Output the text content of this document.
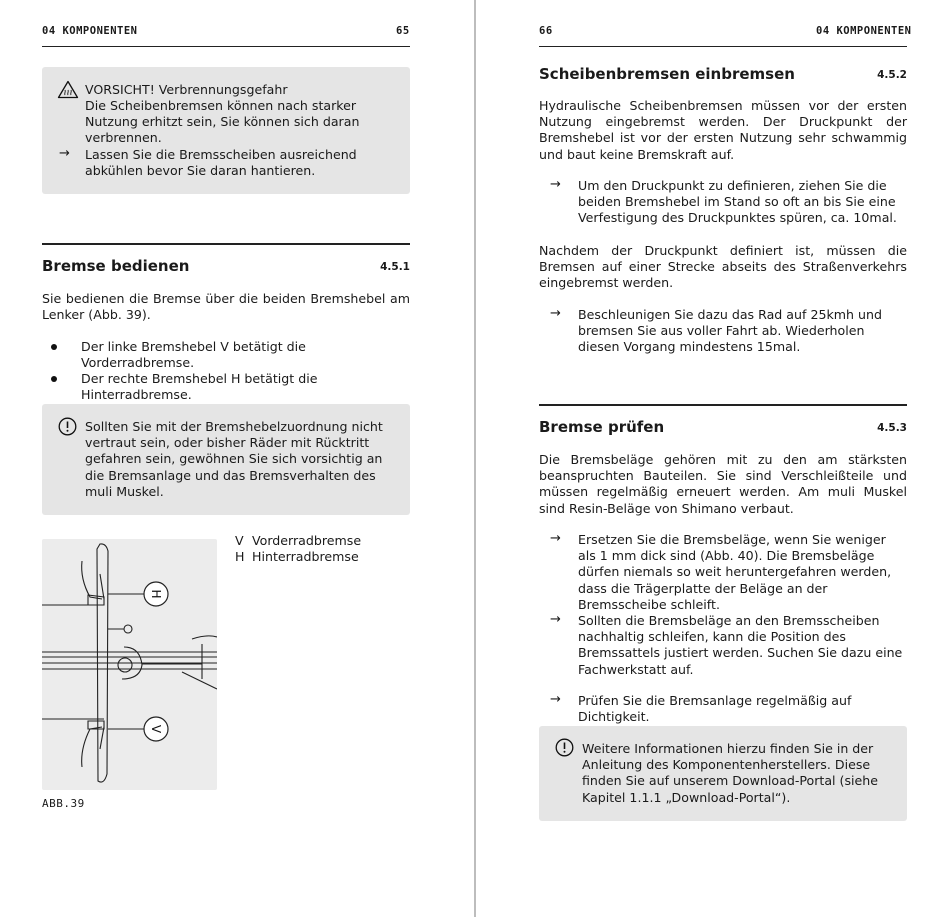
04 KOMPONENTEN	65
VORSICHT! Verbrennungsgefahr
Die Scheibenbremsen können nach starker Nutzung erhitzt sein, Sie können sich daran verbrennen.
→ Lassen Sie die Bremsscheiben ausreichend abkühlen bevor Sie daran hantieren.
Bremse bedienen	4.5.1
Sie bedienen die Bremse über die beiden Bremshebel am Lenker (Abb. 39).
Der linke Bremshebel V betätigt die Vorderradbremse.
Der rechte Bremshebel H betätigt die Hinterradbremse.
Sollten Sie mit der Bremshebelzuordnung nicht vertraut sein, oder bisher Räder mit Rücktritt gefahren sein, gewöhnen Sie sich vorsichtig an die Bremsanlage und das Bremsverhalten des muli Muskel.
H
V
V Vorderradbremse
H Hinterradbremse
ABB.39
66	04 KOMPONENTEN
Scheibenbremsen einbremsen	4.5.2
Hydraulische Scheibenbremsen müssen vor der ersten Nutzung eingebremst werden. Der Druckpunkt der Bremshebel ist vor der ersten Nutzung sehr schwammig und baut keine Bremskraft auf.
→ Um den Druckpunkt zu definieren, ziehen Sie die beiden Bremshebel im Stand so oft an bis Sie eine Verfestigung des Druckpunktes spüren, ca. 10mal.
Nachdem der Druckpunkt definiert ist, müssen die Bremsen auf einer Strecke abseits des Straßenverkehrs eingebremst werden.
→ Beschleunigen Sie dazu das Rad auf 25kmh und bremsen Sie aus voller Fahrt ab. Wiederholen diesen Vorgang mindestens 15mal.
Bremse prüfen	4.5.3
Die Bremsbeläge gehören mit zu den am stärksten beanspruchten Bauteilen. Sie sind Verschleißteile und müssen regelmäßig erneuert werden. Am muli Muskel sind Resin-Beläge von Shimano verbaut.
→ Ersetzen Sie die Bremsbeläge, wenn Sie weniger als 1 mm dick sind (Abb. 40). Die Bremsbeläge dürfen niemals so weit heruntergefahren werden, dass die Trägerplatte der Beläge an der Bremsscheibe schleift.
→ Sollten die Bremsbeläge an den Bremsscheiben nachhaltig schleifen, kann die Position des Bremssattels justiert werden. Suchen Sie dazu eine Fachwerkstatt auf.
→ Prüfen Sie die Bremsanlage regelmäßig auf Dichtigkeit.
Weitere Informationen hierzu finden Sie in der Anleitung des Komponentenherstellers. Diese finden Sie auf unserem Download-Portal (siehe Kapitel 1.1.1 „Download-Portal“).
